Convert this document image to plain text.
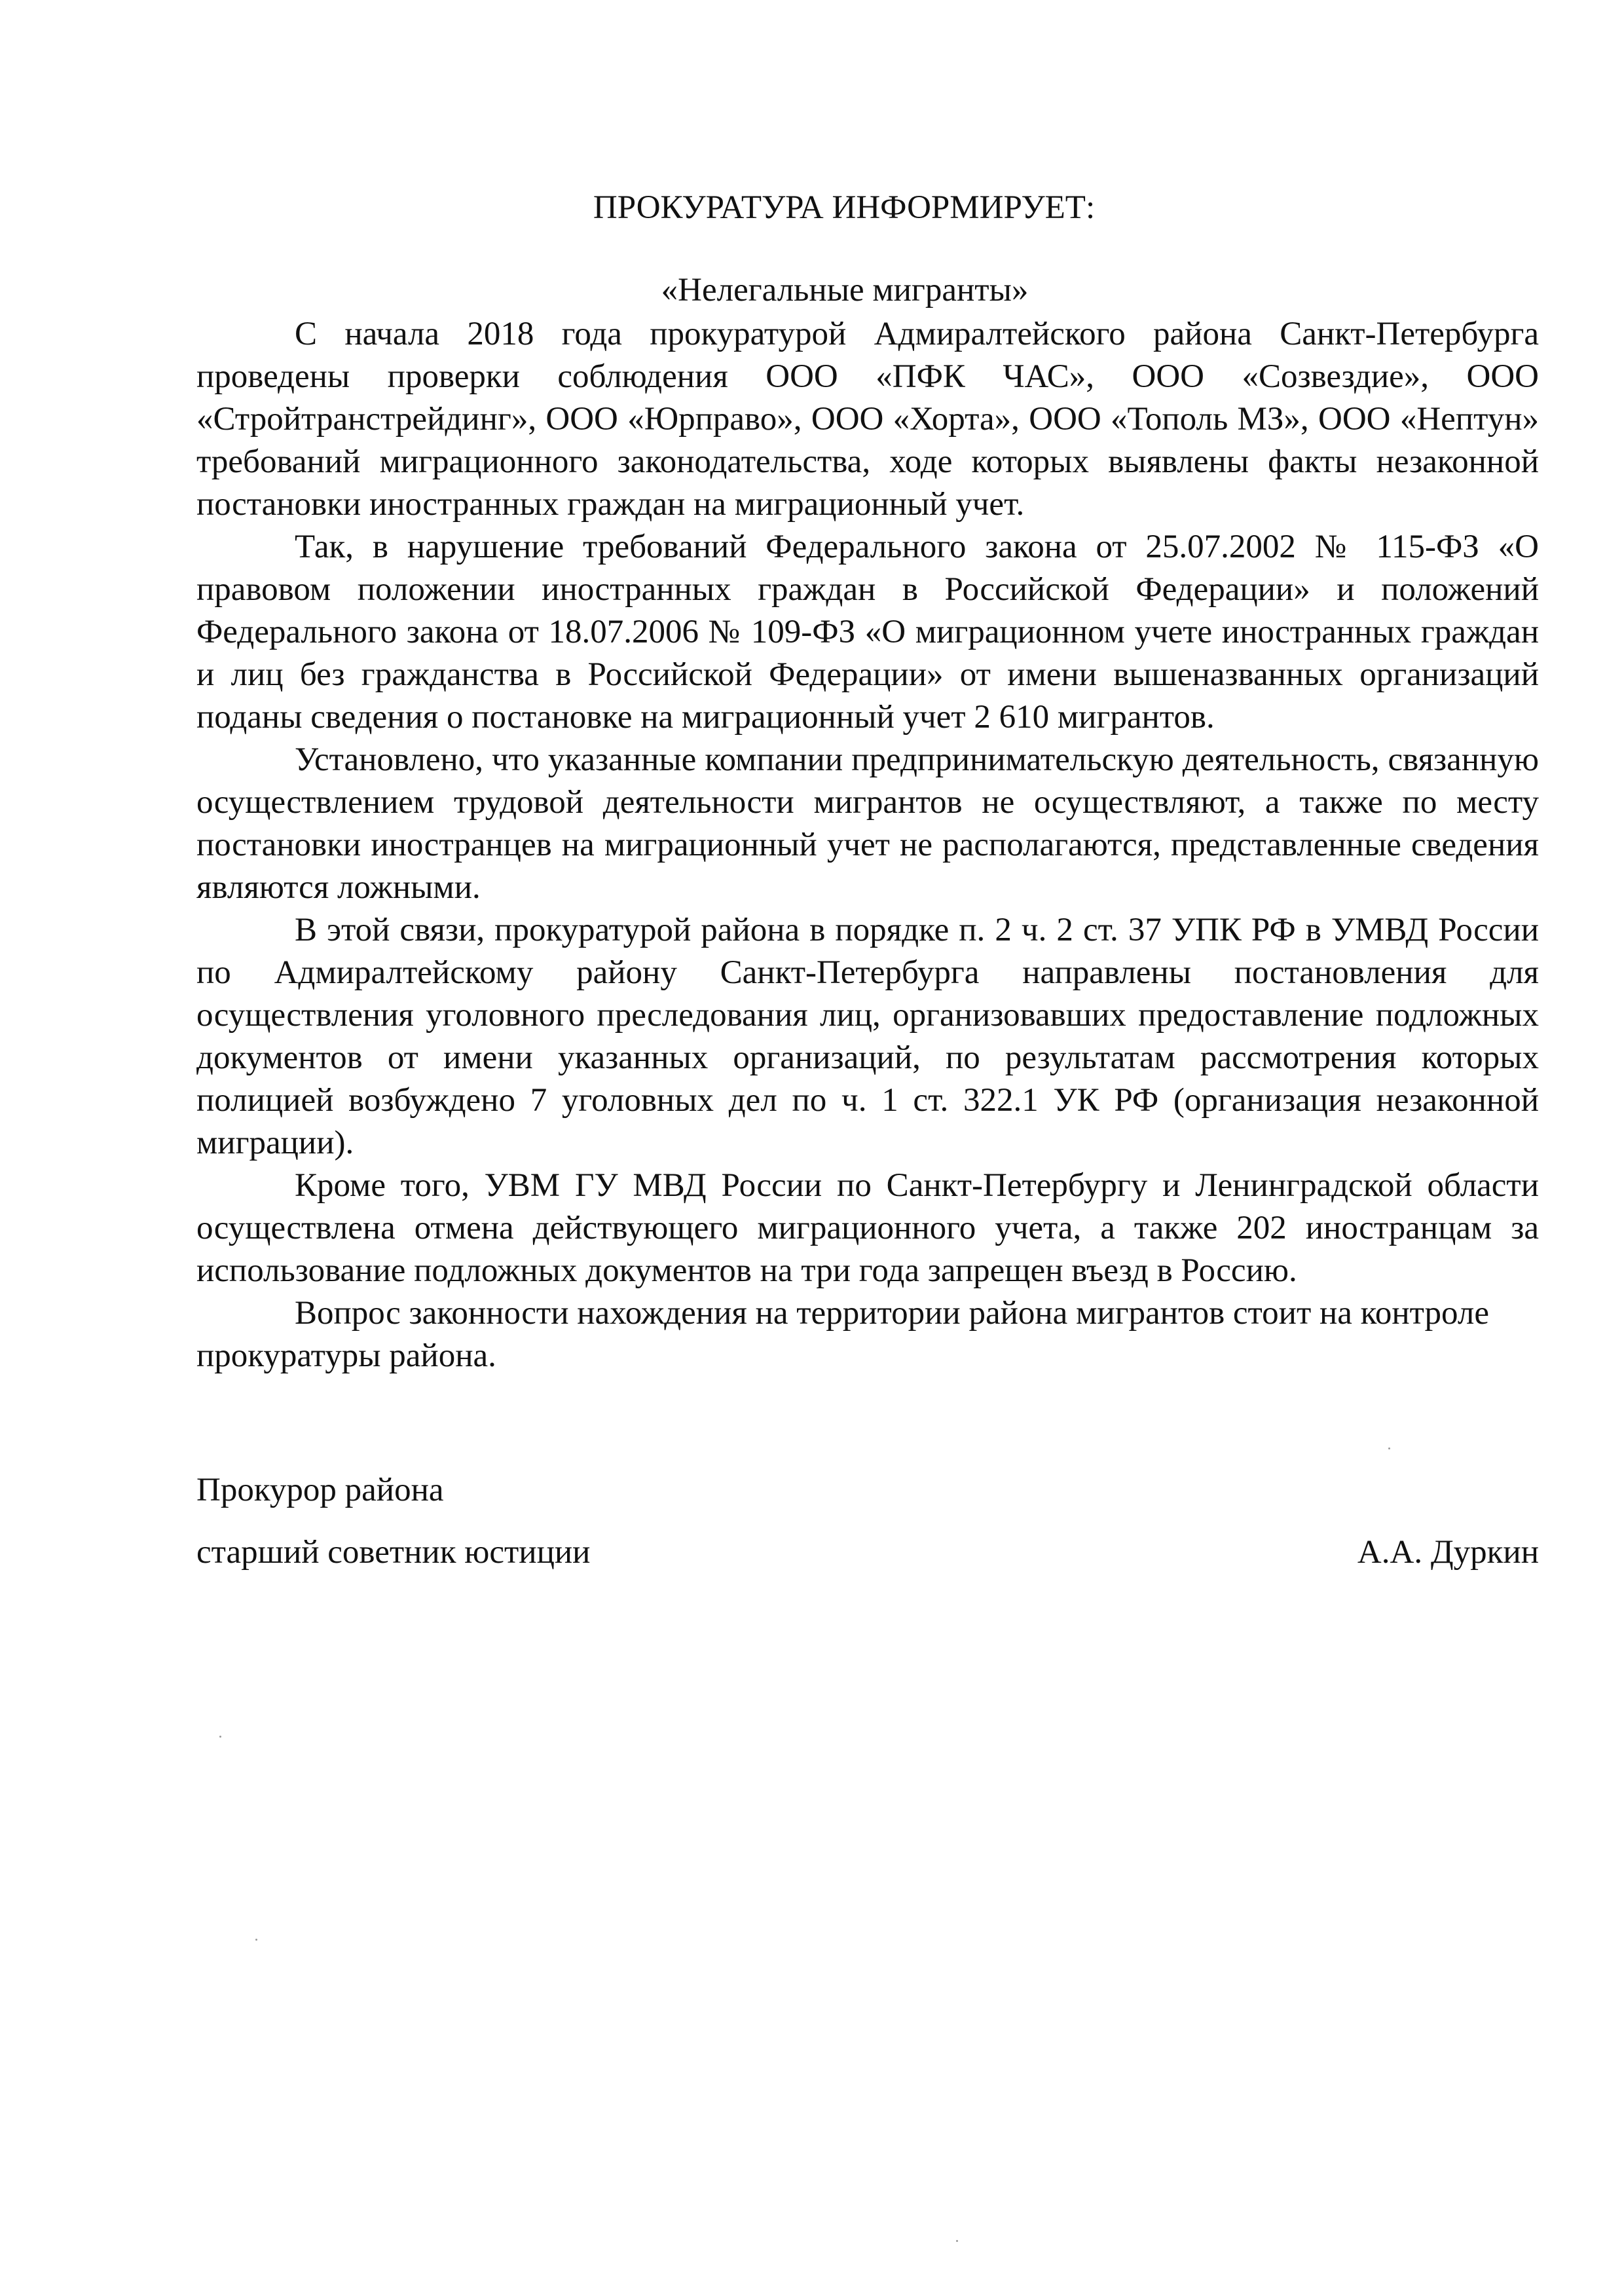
ПРОКУРАТУРА ИНФОРМИРУЕТ:
«Нелегальные мигранты»

С начала 2018 года прокуратурой Адмиралтейского района Санкт-Петербурга проведены проверки соблюдения ООО «ПФК ЧАС», ООО «Созвездие», ООО «Стройтранстрейдинг», ООО «Юрправо», ООО «Хорта», ООО «Тополь МЗ», ООО «Нептун» требований миграционного законодательства, ходе которых выявлены факты незаконной постановки иностранных граждан на миграционный учет.

Так, в нарушение требований Федерального закона от 25.07.2002 № 115-ФЗ «О правовом положении иностранных граждан в Российской Федерации» и положений Федерального закона от 18.07.2006 № 109-ФЗ «О миграционном учете иностранных граждан и лиц без гражданства в Российской Федерации» от имени вышеназванных организаций поданы сведения о постановке на миграционный учет 2 610 мигрантов.

Установлено, что указанные компании предпринимательскую деятельность, связанную осуществлением трудовой деятельности мигрантов не осуществляют, а также по месту постановки иностранцев на миграционный учет не располагаются, представленные сведения являются ложными.

В этой связи, прокуратурой района в порядке п. 2 ч. 2 ст. 37 УПК РФ в УМВД России по Адмиралтейскому району Санкт-Петербурга направлены постановления для осуществления уголовного преследования лиц, организовавших предоставление подложных документов от имени указанных организаций, по результатам рассмотрения которых полицией возбуждено 7 уголовных дел по ч. 1 ст. 322.1 УК РФ (организация незаконной миграции).

Кроме того, УВМ ГУ МВД России по Санкт-Петербургу и Ленинградской области осуществлена отмена действующего миграционного учета, а также 202 иностранцам за использование подложных документов на три года запрещен въезд в Россию.

Вопрос законности нахождения на территории района мигрантов стоит на контроле прокуратуры района.

Прокурор района
старший советник юстиции	А.А. Дуркин
